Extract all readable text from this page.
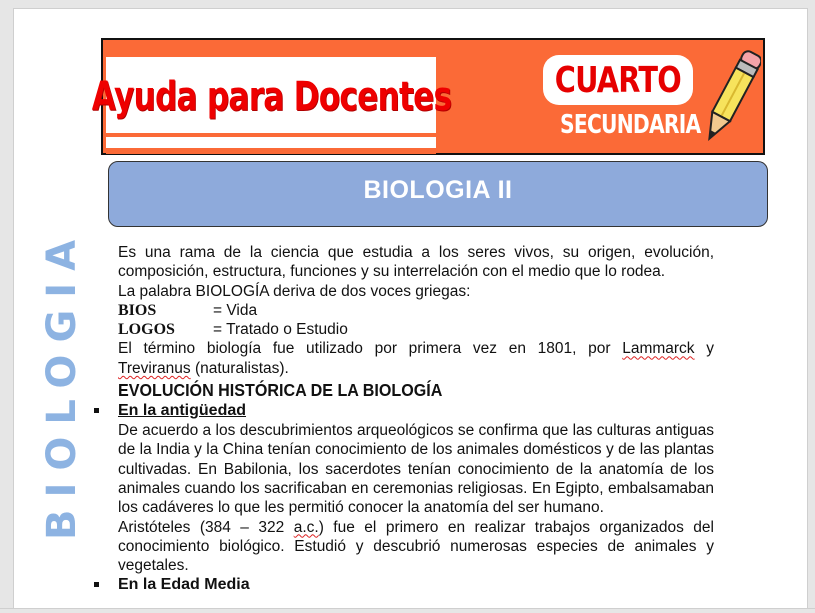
Ayuda para Docentes	CUARTO
SECUNDARIA
BIOLOGIA II
BIOLOGIA Es una rama de la ciencia que estudia a los seres vivos, su origen, evolución,

composición, estructura, funciones y su interrelación con el medio que lo rodea.

La palabra BIOLOGÍA deriva de dos voces griegas:

BIOS	= Vida
LOGOS	= Tratado o Estudio

El término biología fue utilizado por primera vez en 1801, por Lammarck y

Treviranus (naturalistas).

EVOLUCIÓN HISTÓRICA DE LA BIOLOGÍA
En la antigüedad

De acuerdo a los descubrimientos arqueológicos se confirma que las culturas antiguas de la India y la China tenían conocimiento de los animales domésticos y de las plantas cultivadas. En Babilonia, los sacerdotes tenían conocimiento de la anatomía de los animales cuando los sacrificaban en ceremonias religiosas. En Egipto, embalsamaban los cadáveres lo que les permitió conocer la anatomía del ser humano.

Aristóteles (384 – 322 a.c.) fue el primero en realizar trabajos organizados del conocimiento biológico. Estudió y descubrió numerosas especies de animales y vegetales.

En la Edad Media
